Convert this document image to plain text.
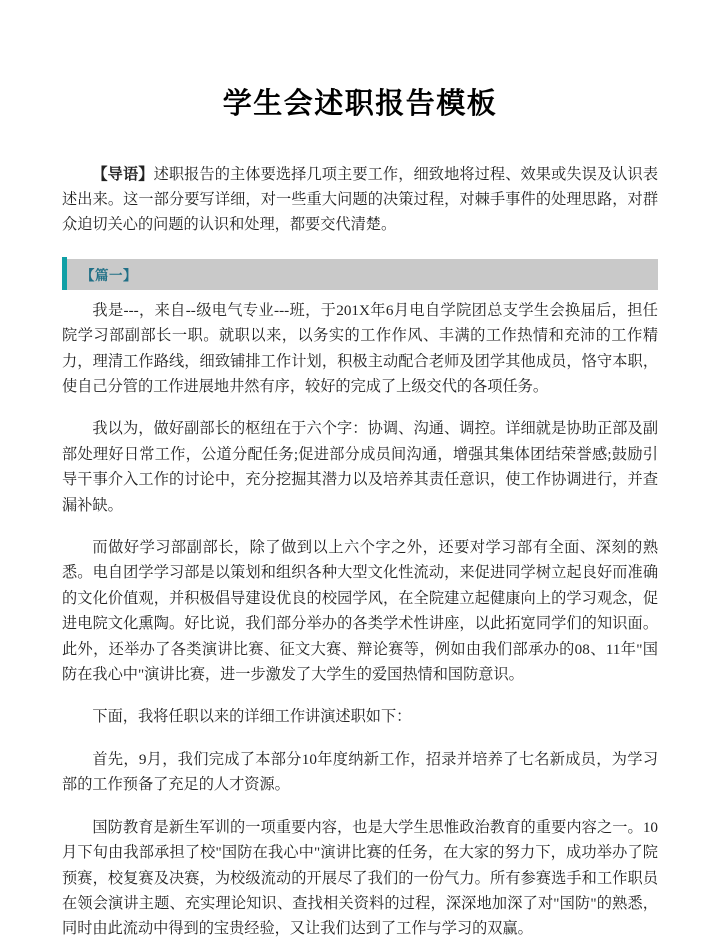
学生会述职报告模板

【导语】述职报告的主体要选择几项主要工作，细致地将过程、效果或失误及认识表述出来。这一部分要写详细，对一些重大问题的决策过程，对棘手事件的处理思路，对群众迫切关心的问题的认识和处理，都要交代清楚。

【篇一】

我是---，来自--级电气专业---班，于201X年6月电自学院团总支学生会换届后，担任院学习部副部长一职。就职以来，以务实的工作作风、丰满的工作热情和充沛的工作精力，理清工作路线，细致铺排工作计划，积极主动配合老师及团学其他成员，恪守本职，使自己分管的工作进展地井然有序，较好的完成了上级交代的各项任务。

我以为，做好副部长的枢纽在于六个字：协调、沟通、调控。详细就是协助正部及副部处理好日常工作，公道分配任务;促进部分成员间沟通，增强其集体团结荣誉感;鼓励引导干事介入工作的讨论中，充分挖掘其潜力以及培养其责任意识，使工作协调进行，并查漏补缺。

而做好学习部副部长，除了做到以上六个字之外，还要对学习部有全面、深刻的熟悉。电自团学学习部是以策划和组织各种大型文化性流动，来促进同学树立起良好而准确的文化价值观，并积极倡导建设优良的校园学风，在全院建立起健康向上的学习观念，促进电院文化熏陶。好比说，我们部分举办的各类学术性讲座，以此拓宽同学们的知识面。此外，还举办了各类演讲比赛、征文大赛、辩论赛等，例如由我们部承办的08、11年"国防在我心中"演讲比赛，进一步激发了大学生的爱国热情和国防意识。

下面，我将任职以来的详细工作讲演述职如下：

首先，9月，我们完成了本部分10年度纳新工作，招录并培养了七名新成员，为学习部的工作预备了充足的人才资源。

国防教育是新生军训的一项重要内容，也是大学生思惟政治教育的重要内容之一。10月下旬由我部承担了校"国防在我心中"演讲比赛的任务，在大家的努力下，成功举办了院预赛，校复赛及决赛，为校级流动的开展尽了我们的一份气力。所有参赛选手和工作职员在领会演讲主题、充实理论知识、查找相关资料的过程，深深地加深了对"国防"的熟悉，同时由此流动中得到的宝贵经验，又让我们达到了工作与学习的双赢。
